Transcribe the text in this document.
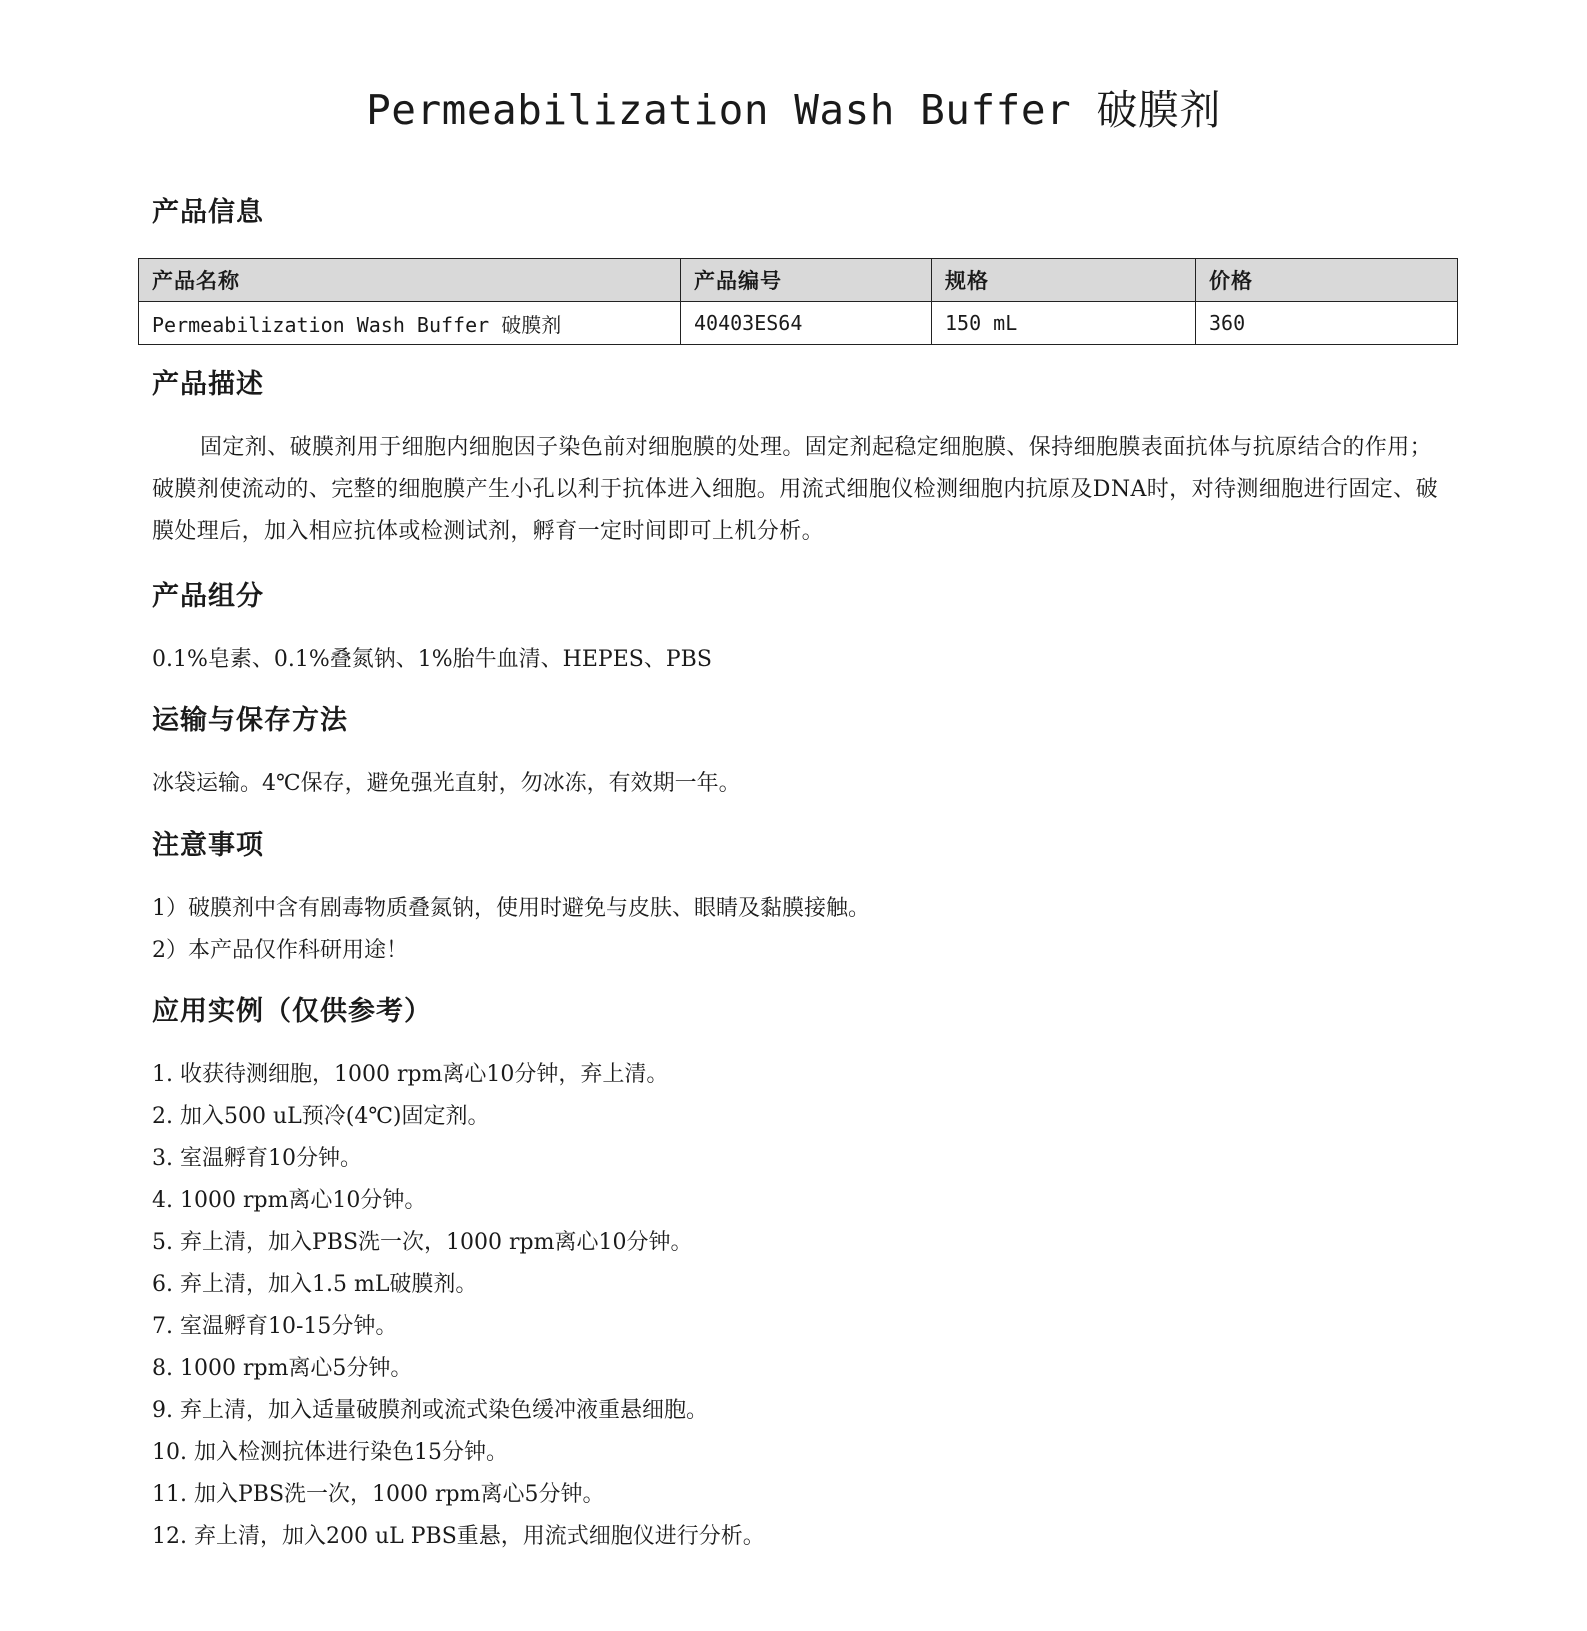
Permeabilization Wash Buffer 破膜剂
产品信息
产品名称	产品编号	规格	价格
Permeabilization Wash Buffer 破膜剂	40403ES64	150 mL	360
产品描述

固定剂、破膜剂用于细胞内细胞因子染色前对细胞膜的处理。固定剂起稳定细胞膜、保持细胞膜表面抗体与抗原结合的作用；破膜剂使流动的、完整的细胞膜产生小孔以利于抗体进入细胞。用流式细胞仪检测细胞内抗原及DNA时，对待测细胞进行固定、破膜处理后，加入相应抗体或检测试剂，孵育一定时间即可上机分析。

产品组分

0.1%皂素、0.1%叠氮钠、1%胎牛血清、HEPES、PBS

运输与保存方法

冰袋运输。4℃保存，避免强光直射，勿冰冻，有效期一年。

注意事项
1）破膜剂中含有剧毒物质叠氮钠，使用时避免与皮肤、眼睛及黏膜接触。
2）本产品仅作科研用途！
应用实例（仅供参考）
1. 收获待测细胞，1000 rpm离心10分钟，弃上清。
2. 加入500 uL预冷(4℃)固定剂。
3. 室温孵育10分钟。
4. 1000 rpm离心10分钟。
5. 弃上清，加入PBS洗一次，1000 rpm离心10分钟。
6. 弃上清，加入1.5 mL破膜剂。
7. 室温孵育10-15分钟。
8. 1000 rpm离心5分钟。
9. 弃上清，加入适量破膜剂或流式染色缓冲液重悬细胞。
10. 加入检测抗体进行染色15分钟。
11. 加入PBS洗一次，1000 rpm离心5分钟。
12. 弃上清，加入200 uL PBS重悬，用流式细胞仪进行分析。
